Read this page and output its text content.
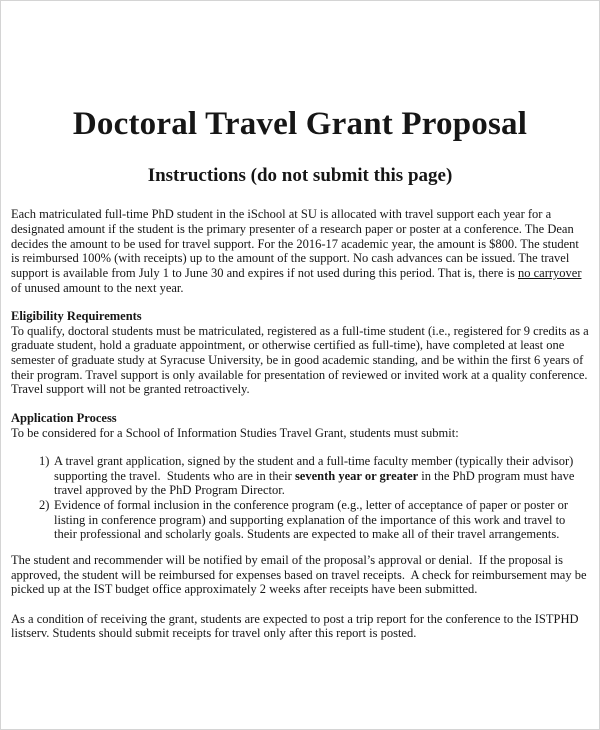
Doctoral Travel Grant Proposal
Instructions (do not submit this page)

Each matriculated full-time PhD student in the iSchool at SU is allocated with travel support each year for a designated amount if the student is the primary presenter of a research paper or poster at a conference. The Dean decides the amount to be used for travel support. For the 2016-17 academic year, the amount is $800. The student is reimbursed 100% (with receipts) up to the amount of the support. No cash advances can be issued. The travel support is available from July 1 to June 30 and expires if not used during this period. That is, there is no carryover of unused amount to the next year.

Eligibility Requirements

To qualify, doctoral students must be matriculated, registered as a full-time student (i.e., registered for 9 credits as a graduate student, hold a graduate appointment, or otherwise certified as full-time), have completed at least one semester of graduate study at Syracuse University, be in good academic standing, and be within the first 6 years of their program. Travel support is only available for presentation of reviewed or invited work at a quality conference.  Travel support will not be granted retroactively.

Application Process

To be considered for a School of Information Studies Travel Grant, students must submit:

1) A travel grant application, signed by the student and a full-time faculty member (typically their advisor) supporting the travel.  Students who are in their seventh year or greater in the PhD program must have travel approved by the PhD Program Director.
2) Evidence of formal inclusion in the conference program (e.g., letter of acceptance of paper or poster or listing in conference program) and supporting explanation of the importance of this work and travel to their professional and scholarly goals. Students are expected to make all of their travel arrangements.

The student and recommender will be notified by email of the proposal’s approval or denial.  If the proposal is approved, the student will be reimbursed for expenses based on travel receipts.  A check for reimbursement may be picked up at the IST budget office approximately 2 weeks after receipts have been submitted.

As a condition of receiving the grant, students are expected to post a trip report for the conference to the ISTPHD listserv. Students should submit receipts for travel only after this report is posted.
